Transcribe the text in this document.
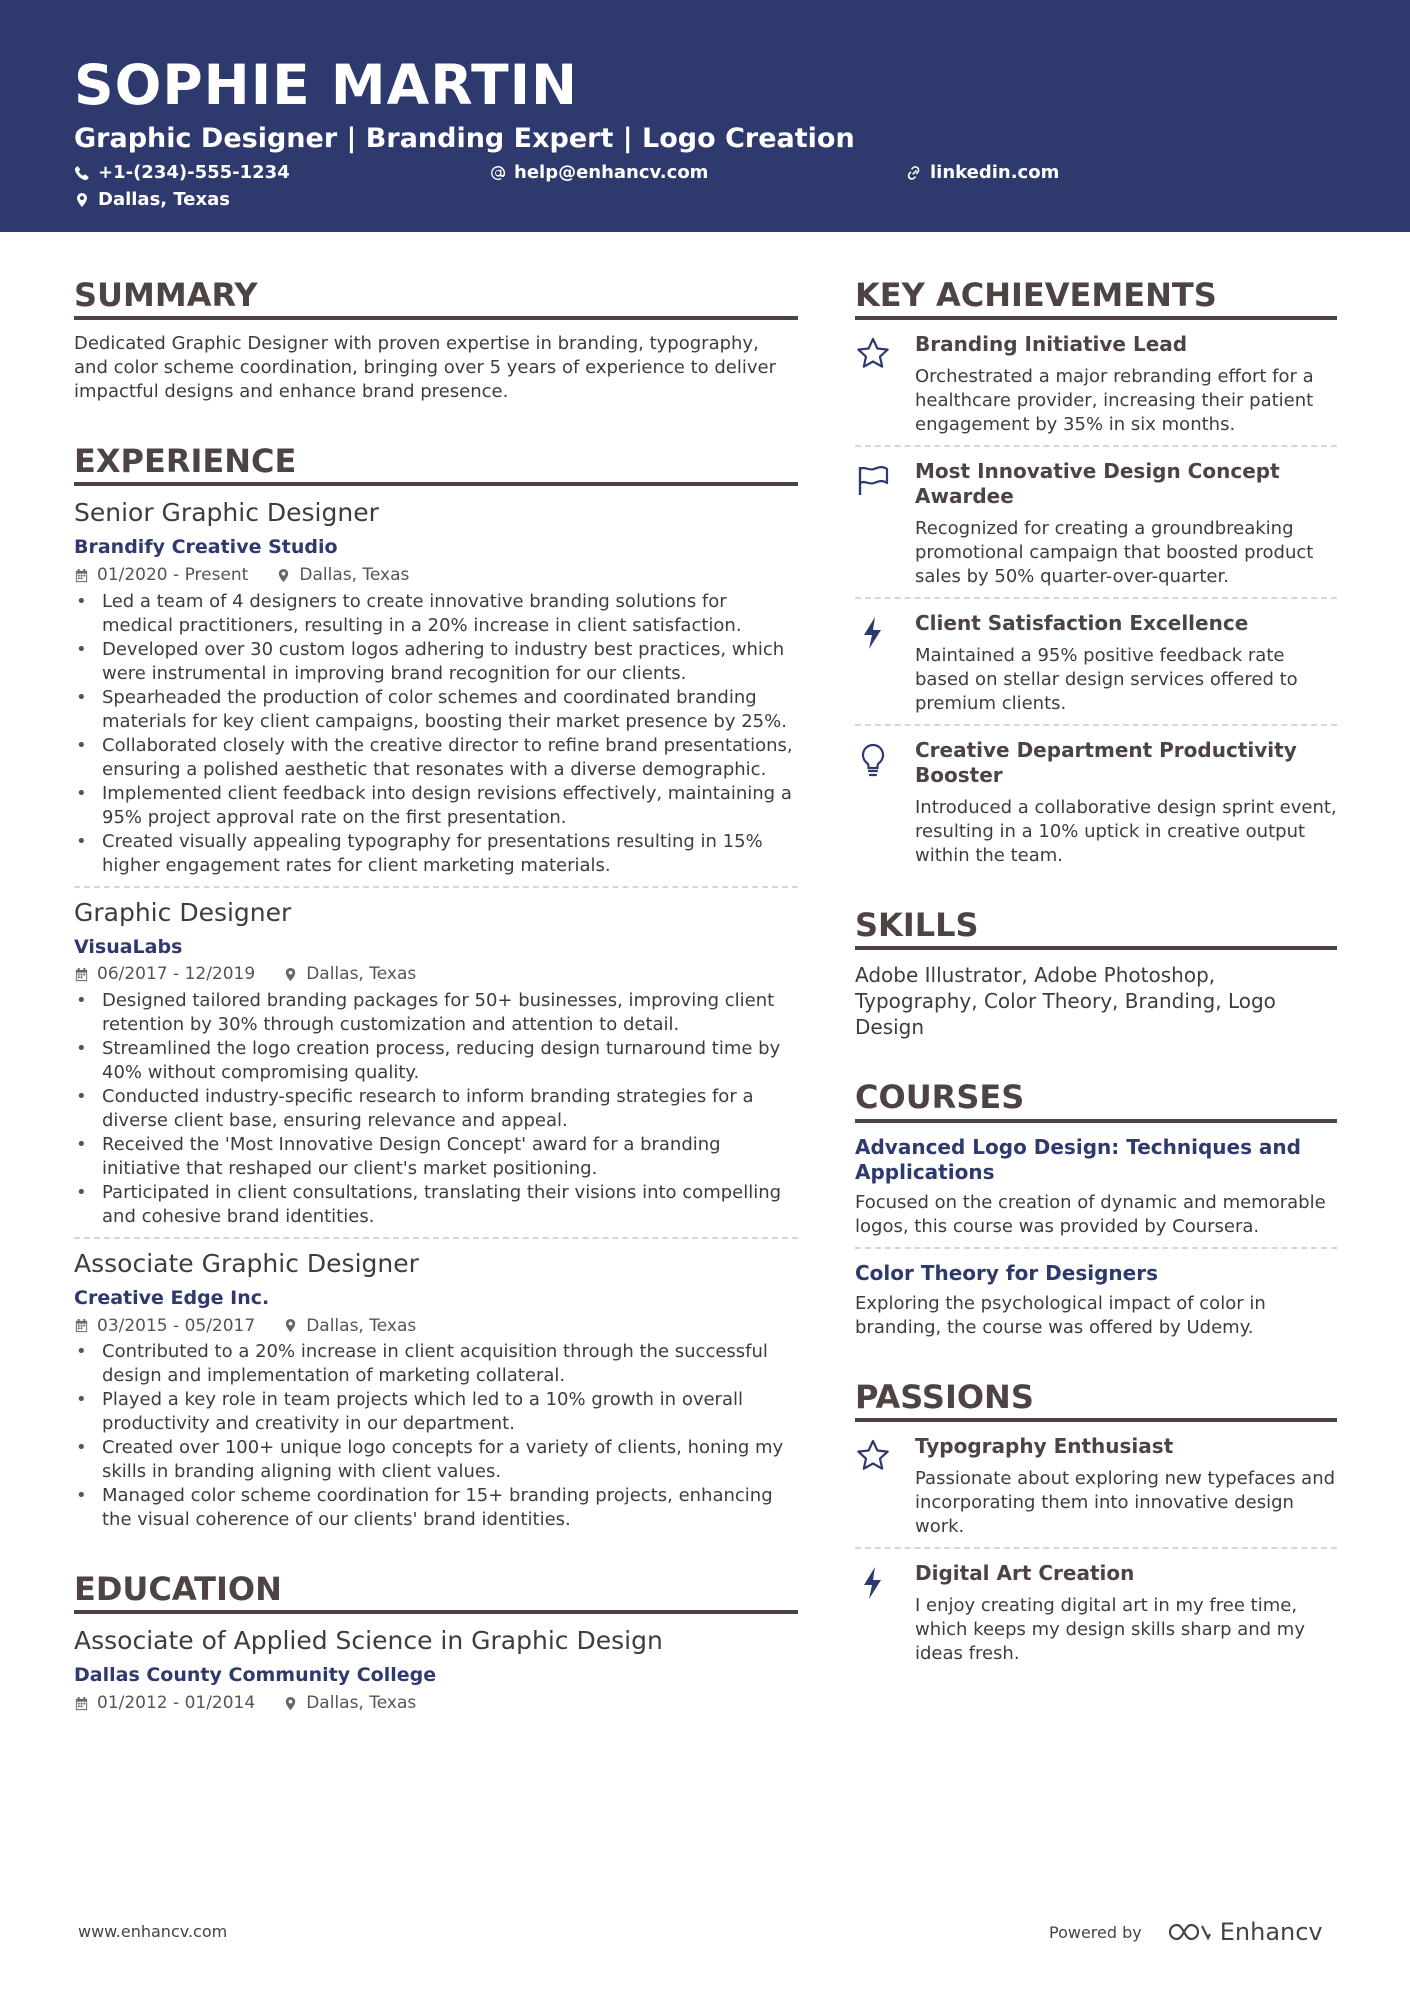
SOPHIE MARTIN
Graphic Designer | Branding Expert | Logo Creation
+1-(234)-555-1234	help@enhancv.com	linkedin.com
Dallas, Texas
SUMMARY
Dedicated Graphic Designer with proven expertise in branding, typography, and color scheme coordination, bringing over 5 years of experience to deliver impactful designs and enhance brand presence.
EXPERIENCE
Senior Graphic Designer
Brandify Creative Studio
01/2020 - Present	Dallas, Texas
• Led a team of 4 designers to create innovative branding solutions for medical practitioners, resulting in a 20% increase in client satisfaction.
• Developed over 30 custom logos adhering to industry best practices, which were instrumental in improving brand recognition for our clients.
• Spearheaded the production of color schemes and coordinated branding materials for key client campaigns, boosting their market presence by 25%.
• Collaborated closely with the creative director to refine brand presentations, ensuring a polished aesthetic that resonates with a diverse demographic.
• Implemented client feedback into design revisions effectively, maintaining a 95% project approval rate on the first presentation.
• Created visually appealing typography for presentations resulting in 15% higher engagement rates for client marketing materials.
Graphic Designer
VisuaLabs
06/2017 - 12/2019	Dallas, Texas
• Designed tailored branding packages for 50+ businesses, improving client retention by 30% through customization and attention to detail.
• Streamlined the logo creation process, reducing design turnaround time by 40% without compromising quality.
• Conducted industry-specific research to inform branding strategies for a diverse client base, ensuring relevance and appeal.
• Received the 'Most Innovative Design Concept' award for a branding initiative that reshaped our client's market positioning.
• Participated in client consultations, translating their visions into compelling and cohesive brand identities.
Associate Graphic Designer
Creative Edge Inc.
03/2015 - 05/2017	Dallas, Texas
• Contributed to a 20% increase in client acquisition through the successful design and implementation of marketing collateral.
• Played a key role in team projects which led to a 10% growth in overall productivity and creativity in our department.
• Created over 100+ unique logo concepts for a variety of clients, honing my skills in branding aligning with client values.
• Managed color scheme coordination for 15+ branding projects, enhancing the visual coherence of our clients' brand identities.
EDUCATION
Associate of Applied Science in Graphic Design
Dallas County Community College
01/2012 - 01/2014	Dallas, Texas
KEY ACHIEVEMENTS
Branding Initiative Lead
Orchestrated a major rebranding effort for a healthcare provider, increasing their patient engagement by 35% in six months.
Most Innovative Design Concept Awardee
Recognized for creating a groundbreaking promotional campaign that boosted product sales by 50% quarter-over-quarter.
Client Satisfaction Excellence
Maintained a 95% positive feedback rate based on stellar design services offered to premium clients.
Creative Department Productivity Booster
Introduced a collaborative design sprint event, resulting in a 10% uptick in creative output within the team.
SKILLS
Adobe Illustrator, Adobe Photoshop, Typography, Color Theory, Branding, Logo Design
COURSES
Advanced Logo Design: Techniques and Applications
Focused on the creation of dynamic and memorable logos, this course was provided by Coursera.
Color Theory for Designers
Exploring the psychological impact of color in branding, the course was offered by Udemy.
PASSIONS
Typography Enthusiast
Passionate about exploring new typefaces and incorporating them into innovative design work.
Digital Art Creation
I enjoy creating digital art in my free time, which keeps my design skills sharp and my ideas fresh.
www.enhancv.com	Powered by	Enhancv
